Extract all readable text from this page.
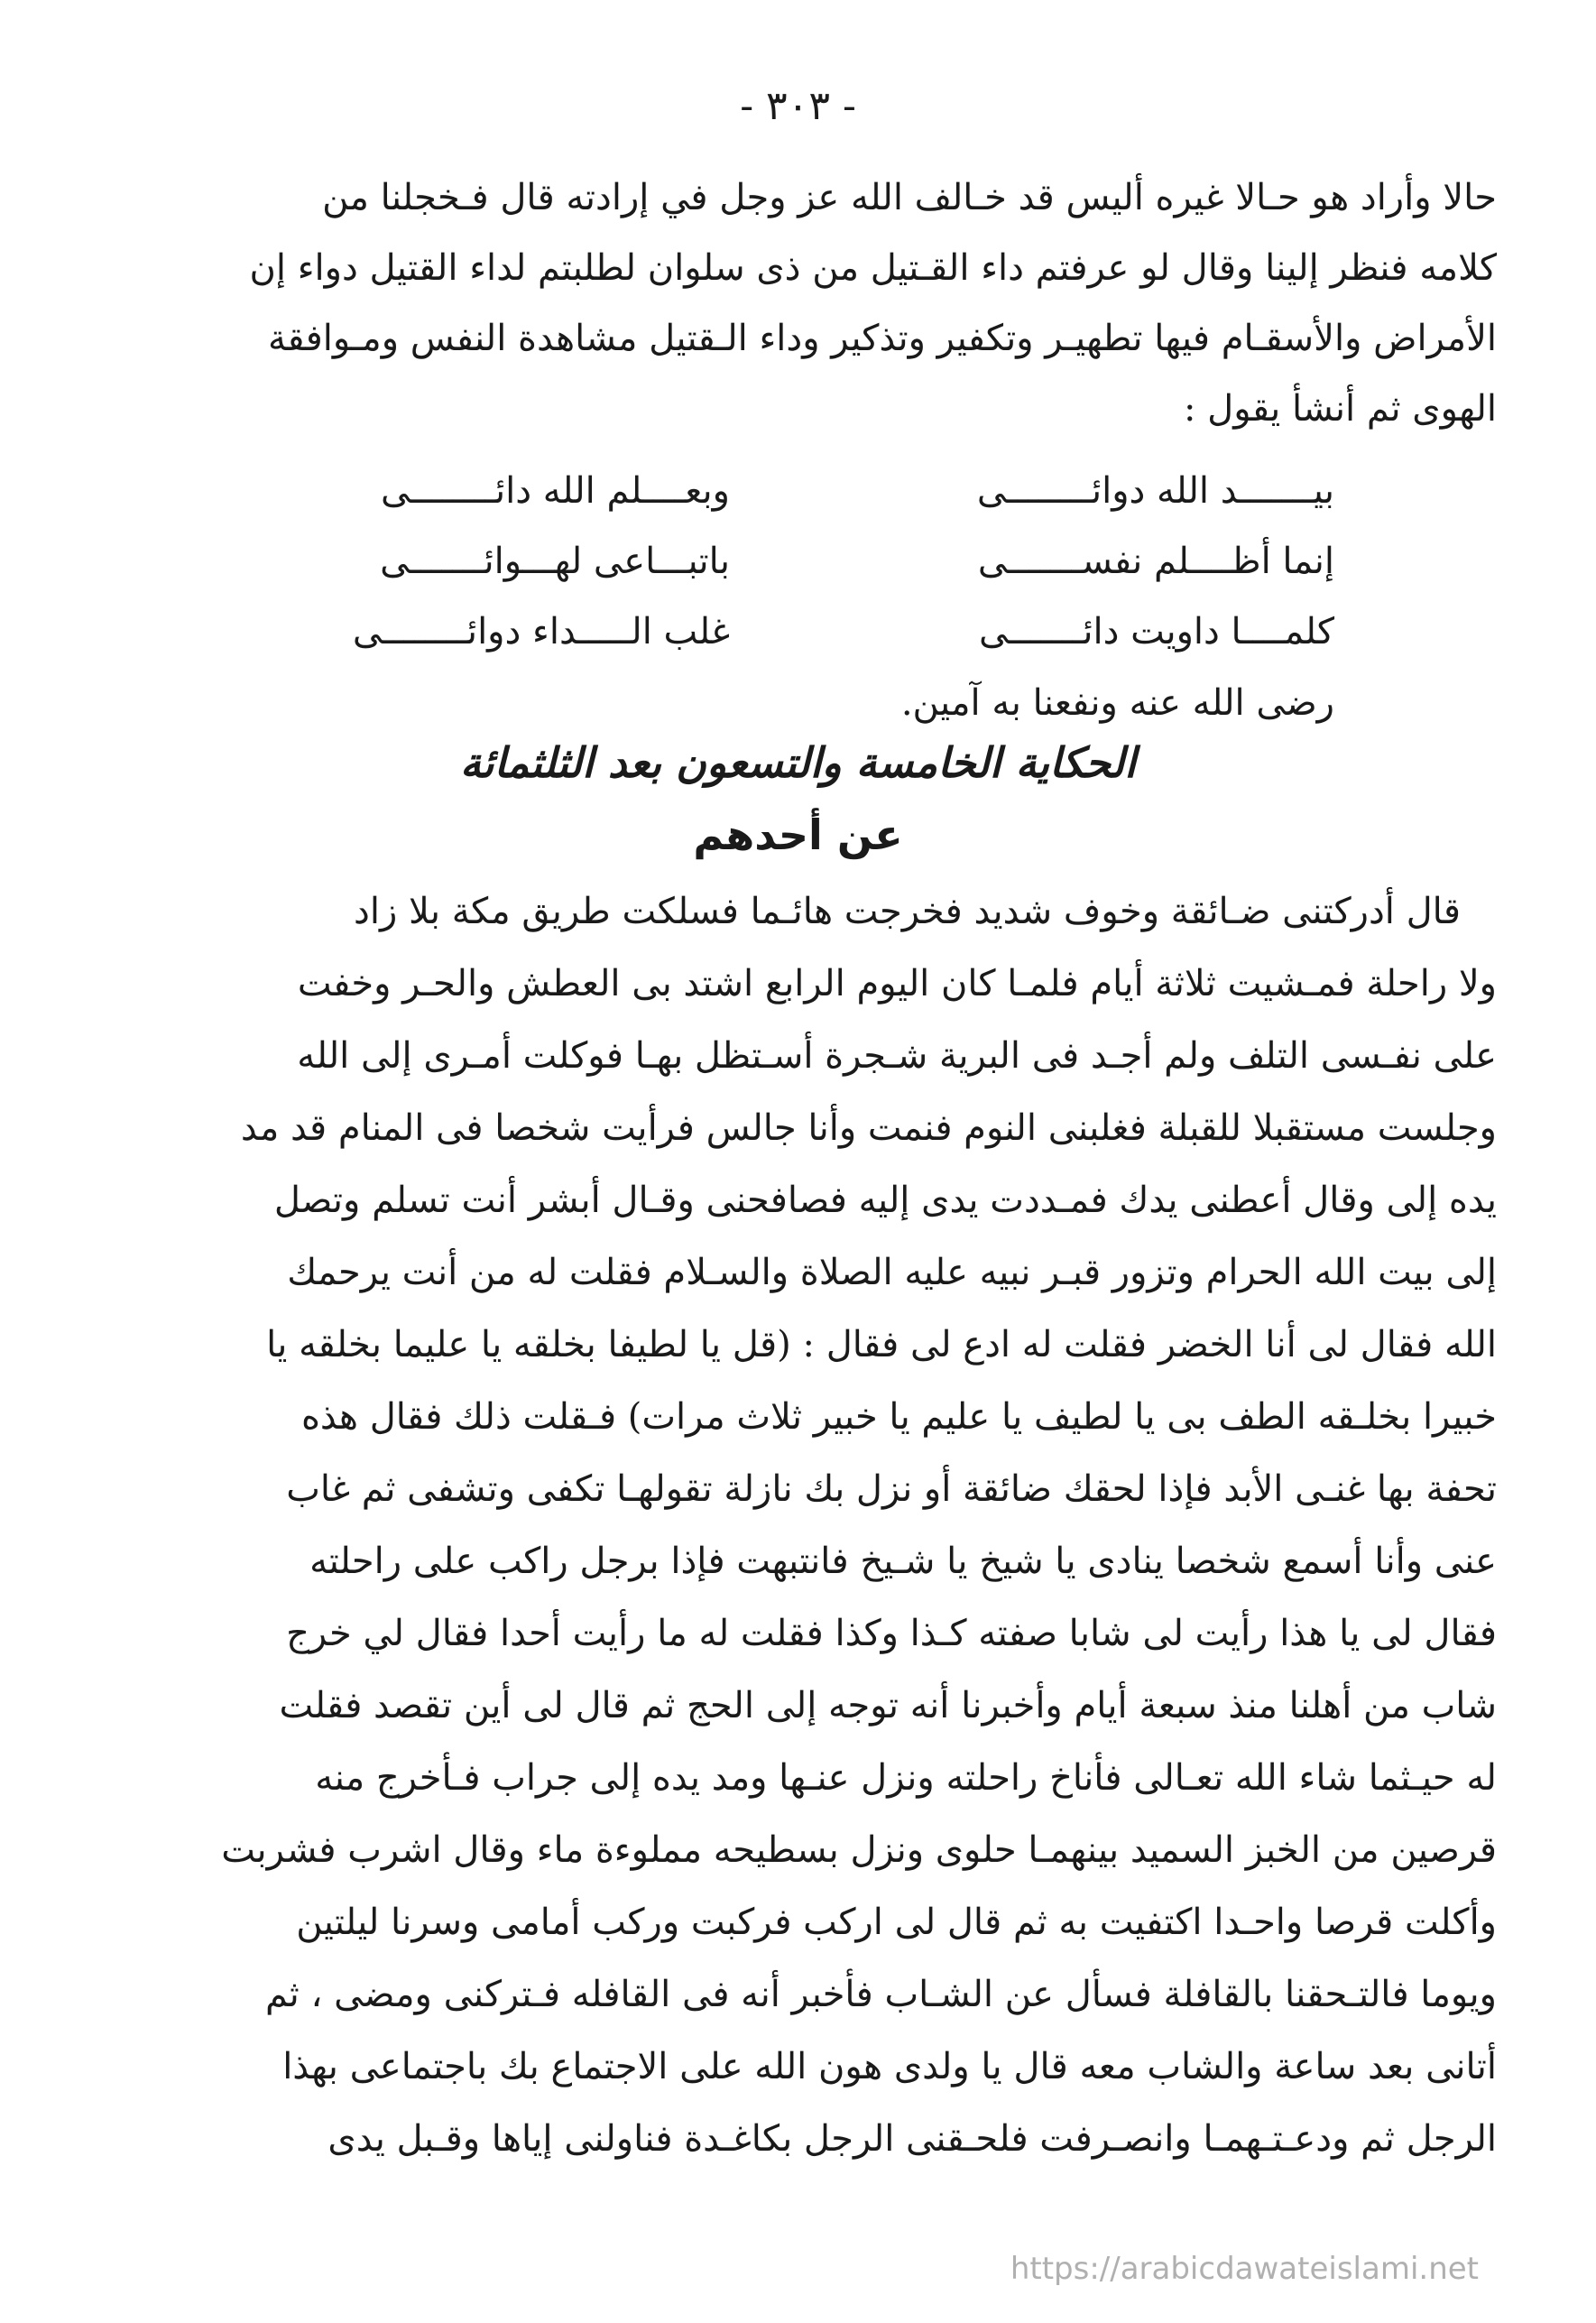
- ٣٠٣ -
حالا وأراد هو حـالا غيره أليس قد خـالف الله عز وجل في إرادته قال فـخجلنا من
كلامه فنظر إلينا وقال لو عرفتم داء القـتيل من ذى سلوان لطلبتم لداء القتيل دواء إن
الأمراض والأسقـام فيها تطهيـر وتكفير وتذكير وداء الـقتيل مشاهدة النفس ومـوافقة
الهوى ثم أنشأ يقول :
بيـــــــد الله دوائــــــــى
وبعــــلم الله دائــــــــى
إنما أظــــلم نفســـــــى
باتبـــاعى لهـــوائـــــــى
كلمــــا داويت دائـــــــى
غلب الـــــداء دوائــــــــى
رضى الله عنه ونفعنا به آمين.
الحكاية الخامسة والتسعون بعد الثلثمائة
عن أحدهم
قال أدركتنى ضـائقة وخوف شديد فخرجت هائـما فسلكت طريق مكة بلا زاد
ولا راحلة فمـشيت ثلاثة أيام فلمـا كان اليوم الرابع اشتد بى العطش والحـر وخفت
على نفـسى التلف ولم أجـد فى البرية شـجرة أسـتظل بهـا فوكلت أمـرى إلى الله
وجلست مستقبلا للقبلة فغلبنى النوم فنمت وأنا جالس فرأيت شخصا فى المنام قد مد
يده إلى وقال أعطنى يدك فمـددت يدى إليه فصافحنى وقـال أبشر أنت تسلم وتصل
إلى بيت الله الحرام وتزور قبـر نبيه عليه الصلاة والسـلام فقلت له من أنت يرحمك
الله فقال لى أنا الخضر فقلت له ادع لى فقال : (قل يا لطيفا بخلقه يا عليما بخلقه يا
خبيرا بخلـقه الطف بى يا لطيف يا عليم يا خبير ثلاث مرات) فـقلت ذلك فقال هذه
تحفة بها غنـى الأبد فإذا لحقك ضائقة أو نزل بك نازلة تقولهـا تكفى وتشفى ثم غاب
عنى وأنا أسمع شخصا ينادى يا شيخ يا شـيخ فانتبهت فإذا برجل راكب على راحلته
فقال لى يا هذا رأيت لى شابا صفته كـذا وكذا فقلت له ما رأيت أحدا فقال لي خرج
شاب من أهلنا منذ سبعة أيام وأخبرنا أنه توجه إلى الحج ثم قال لى أين تقصد فقلت
له حيـثما شاء الله تعـالى فأناخ راحلته ونزل عنـها ومد يده إلى جراب فـأخرج منه
قرصين من الخبز السميد بينهمـا حلوى ونزل بسطيحه مملوءة ماء وقال اشرب فشربت
وأكلت قرصا واحـدا اكتفيت به ثم قال لى اركب فركبت وركب أمامى وسرنا ليلتين
ويوما فالتـحقنا بالقافلة فسأل عن الشـاب فأخبر أنه فى القافله فـتركنى ومضى ، ثم
أتانى بعد ساعة والشاب معه قال يا ولدى هون الله على الاجتماع بك باجتماعى بهذا
الرجل ثم ودعـتـهمـا وانصـرفت فلحـقنى الرجل بكاغـدة فناولنى إياها وقـبل يدى
https://arabicdawateislami.net
